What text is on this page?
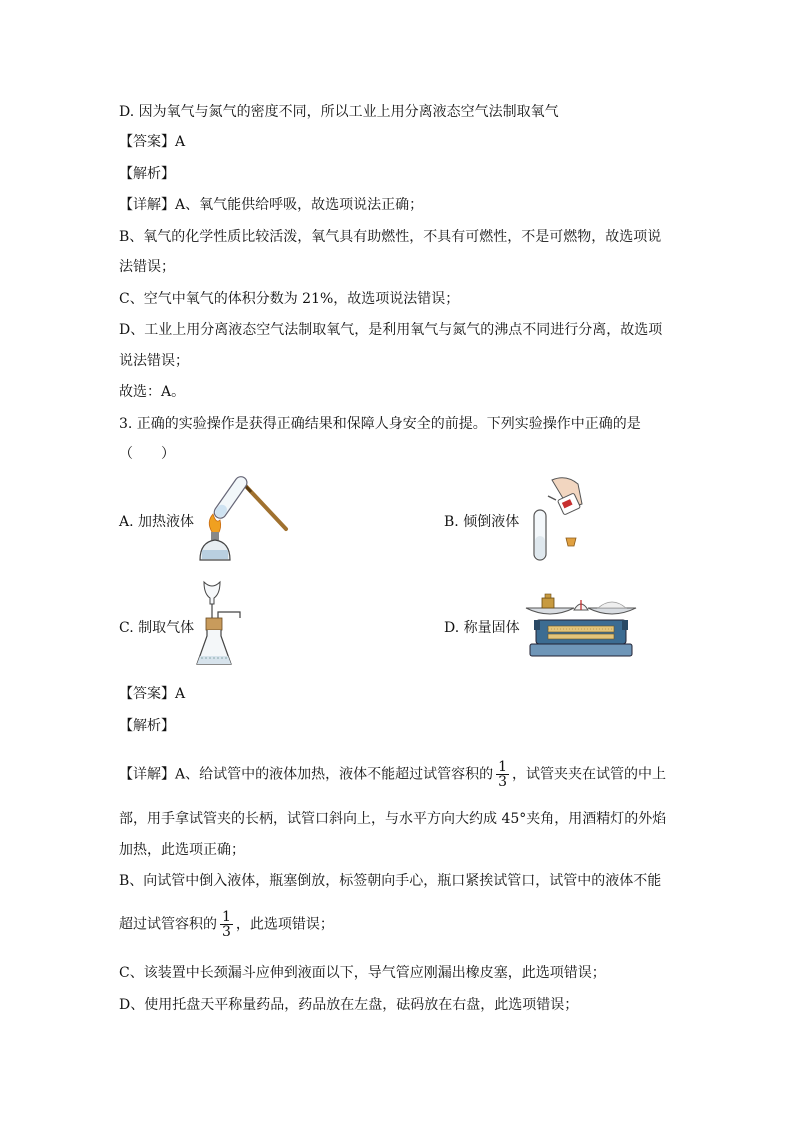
D. 因为氧气与氮气的密度不同，所以工业上用分离液态空气法制取氧气
【答案】A
【解析】
【详解】A、氧气能供给呼吸，故选项说法正确；
B、氧气的化学性质比较活泼，氧气具有助燃性，不具有可燃性，不是可燃物，故选项说
法错误；
C、空气中氧气的体积分数为 21%，故选项说法错误；
D、工业上用分离液态空气法制取氧气，是利用氧气与氮气的沸点不同进行分离，故选项
说法错误；
故选：A。
3. 正确的实验操作是获得正确结果和保障人身安全的前提。下列实验操作中正确的是
（　　）
A. 加热液体	B. 倾倒液体
C. 制取气体	D. 称量固体
【答案】A
【解析】
【详解】A、给试管中的液体加热，液体不能超过试管容积的 $\frac{1}{3}$ ，试管夹夹在试管的中上
部，用手拿试管夹的长柄，试管口斜向上，与水平方向大约成 45°夹角，用酒精灯的外焰
加热，此选项正确；
B、向试管中倒入液体，瓶塞倒放，标签朝向手心，瓶口紧挨试管口，试管中的液体不能
超过试管容积的 $\frac{1}{3}$ ，此选项错误；
C、该装置中长颈漏斗应伸到液面以下，导气管应刚漏出橡皮塞，此选项错误；
D、使用托盘天平称量药品，药品放在左盘，砝码放在右盘，此选项错误；
